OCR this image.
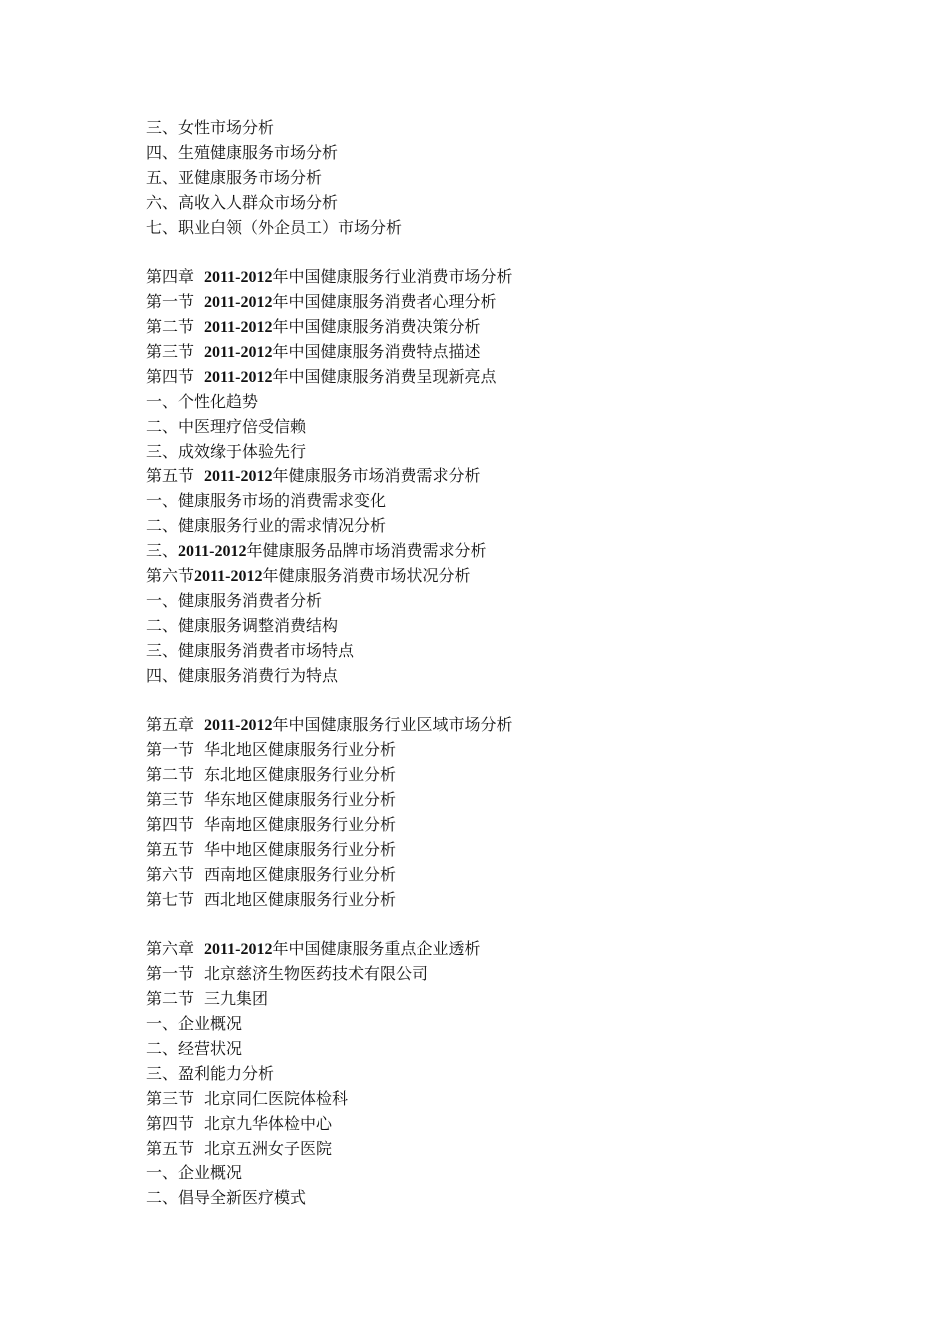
三、女性市场分析
四、生殖健康服务市场分析
五、亚健康服务市场分析
六、高收入人群众市场分析
七、职业白领（外企员工）市场分析
第四章 2011-2012年中国健康服务行业消费市场分析
第一节 2011-2012年中国健康服务消费者心理分析
第二节 2011-2012年中国健康服务消费决策分析
第三节 2011-2012年中国健康服务消费特点描述
第四节 2011-2012年中国健康服务消费呈现新亮点
一、个性化趋势
二、中医理疗倍受信赖
三、成效缘于体验先行
第五节 2011-2012年健康服务市场消费需求分析
一、健康服务市场的消费需求变化
二、健康服务行业的需求情况分析
三、2011-2012年健康服务品牌市场消费需求分析
第六节2011-2012年健康服务消费市场状况分析
一、健康服务消费者分析
二、健康服务调整消费结构
三、健康服务消费者市场特点
四、健康服务消费行为特点
第五章 2011-2012年中国健康服务行业区域市场分析
第一节 华北地区健康服务行业分析
第二节 东北地区健康服务行业分析
第三节 华东地区健康服务行业分析
第四节 华南地区健康服务行业分析
第五节 华中地区健康服务行业分析
第六节 西南地区健康服务行业分析
第七节 西北地区健康服务行业分析
第六章 2011-2012年中国健康服务重点企业透析
第一节 北京慈济生物医药技术有限公司
第二节 三九集团
一、企业概况
二、经营状况
三、盈利能力分析
第三节 北京同仁医院体检科
第四节 北京九华体检中心
第五节 北京五洲女子医院
一、企业概况
二、倡导全新医疗模式
